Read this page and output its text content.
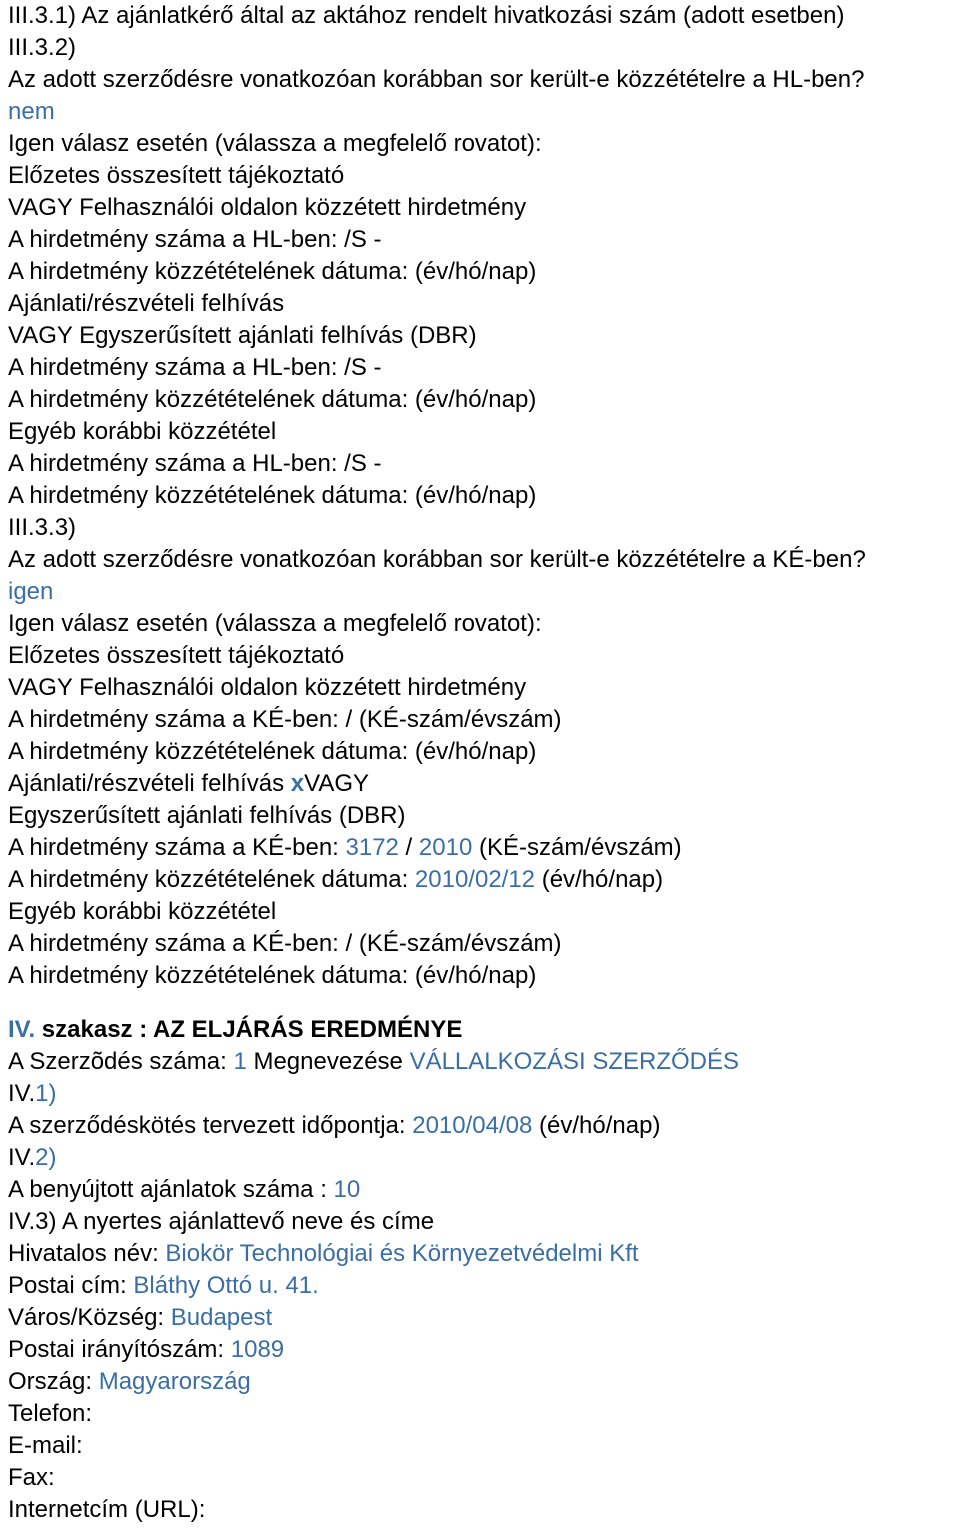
III.3.1) Az ajánlatkérő által az aktához rendelt hivatkozási szám (adott esetben)
III.3.2)
Az adott szerződésre vonatkozóan korábban sor került-e közzétételre a HL-ben?
nem
Igen válasz esetén (válassza a megfelelő rovatot):
Előzetes összesített tájékoztató
VAGY Felhasználói oldalon közzétett hirdetmény
A hirdetmény száma a HL-ben: /S -
A hirdetmény közzétételének dátuma: (év/hó/nap)
Ajánlati/részvételi felhívás
VAGY Egyszerűsített ajánlati felhívás (DBR)
A hirdetmény száma a HL-ben: /S -
A hirdetmény közzétételének dátuma: (év/hó/nap)
Egyéb korábbi közzététel
A hirdetmény száma a HL-ben: /S -
A hirdetmény közzétételének dátuma: (év/hó/nap)
III.3.3)
Az adott szerződésre vonatkozóan korábban sor került-e közzétételre a KÉ-ben?
igen
Igen válasz esetén (válassza a megfelelő rovatot):
Előzetes összesített tájékoztató
VAGY Felhasználói oldalon közzétett hirdetmény
A hirdetmény száma a KÉ-ben: / (KÉ-szám/évszám)
A hirdetmény közzétételének dátuma: (év/hó/nap)
Ajánlati/részvételi felhívás xVAGY
Egyszerűsített ajánlati felhívás (DBR)
A hirdetmény száma a KÉ-ben: 3172 / 2010 (KÉ-szám/évszám)
A hirdetmény közzétételének dátuma: 2010/02/12 (év/hó/nap)
Egyéb korábbi közzététel
A hirdetmény száma a KÉ-ben: / (KÉ-szám/évszám)
A hirdetmény közzétételének dátuma: (év/hó/nap)
IV. szakasz : AZ ELJÁRÁS EREDMÉNYE
A Szerzõdés száma: 1 Megnevezése VÁLLALKOZÁSI SZERZŐDÉS
IV.1)
A szerződéskötés tervezett időpontja: 2010/04/08 (év/hó/nap)
IV.2)
A benyújtott ajánlatok száma : 10
IV.3) A nyertes ajánlattevő neve és címe
Hivatalos név: Biokör Technológiai és Környezetvédelmi Kft
Postai cím: Bláthy Ottó u. 41.
Város/Község: Budapest
Postai irányítószám: 1089
Ország: Magyarország
Telefon:
E-mail:
Fax:
Internetcím (URL):
